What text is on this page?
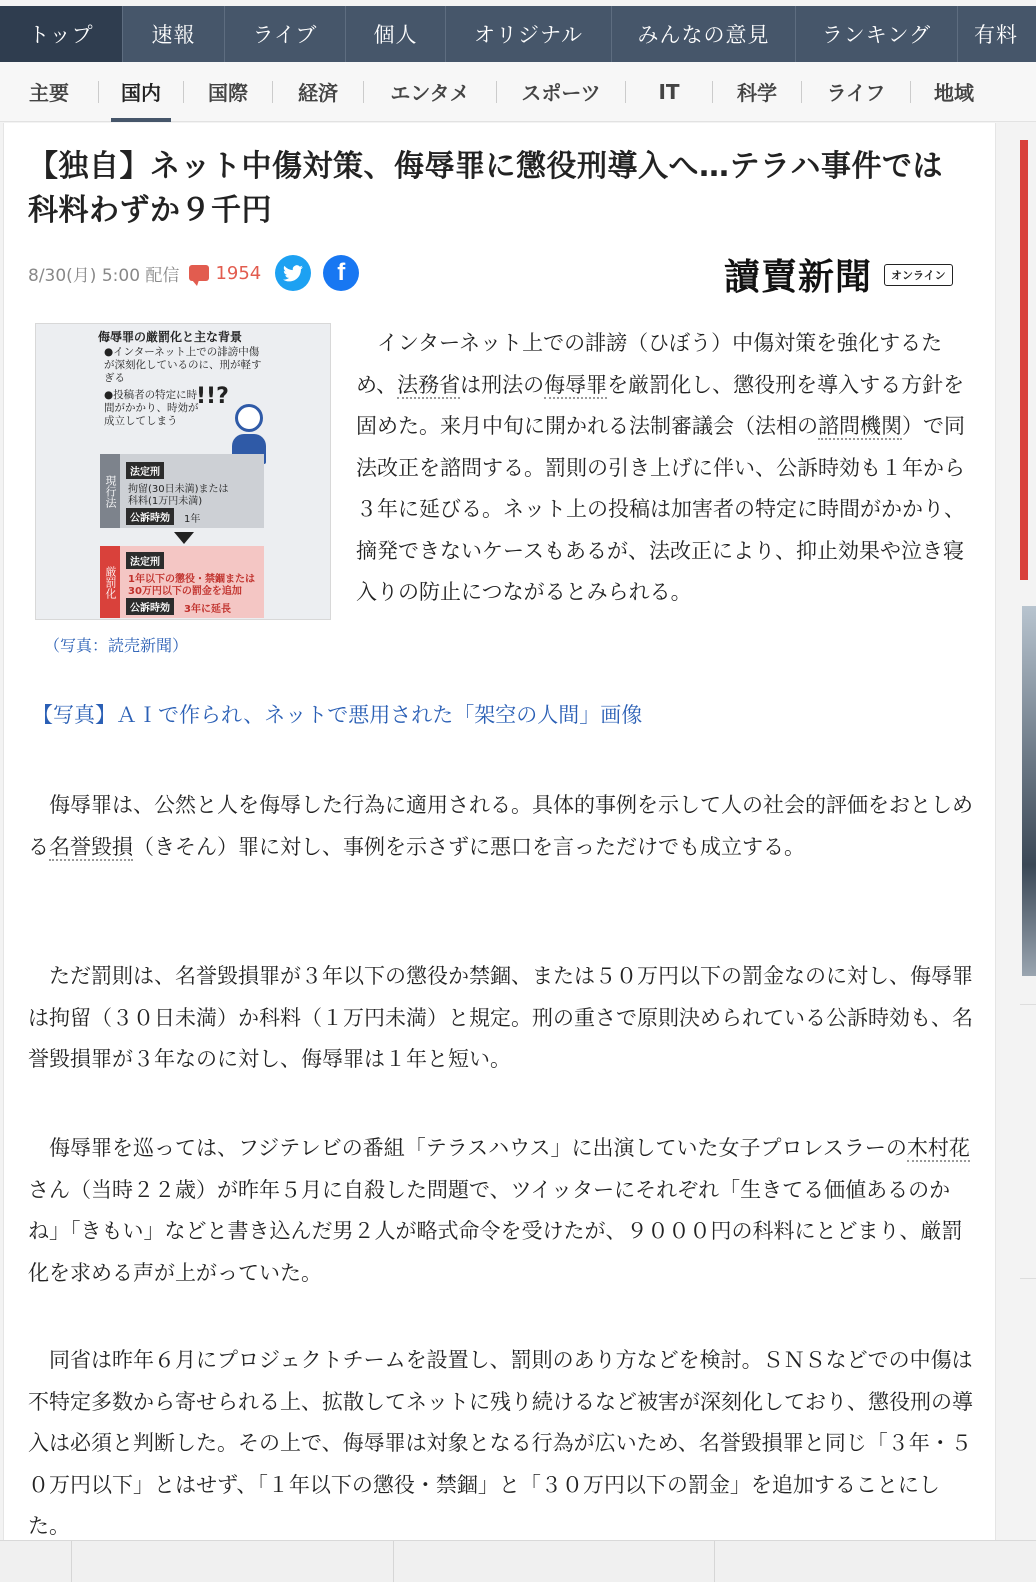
トップ	速報	ライブ	個人	オリジナル	みんなの意見	ランキング	有料
主要	国内	国際	経済	エンタメ	スポーツ	IT	科学	ライフ	地域
【独自】ネット中傷対策、侮辱罪に懲役刑導入へ…テラハ事件では科料わずか９千円
8/30(月) 5:00 配信 1954	f	讀賣新聞	オンライン
侮辱罪の厳罰化と主な背景

●インターネット上での誹謗中傷が深刻化しているのに、刑が軽すぎる

●投稿者の特定に時間がかかり、時効が成立してしまう

!!?
現行法
法定刑
拘留(30日未満)または
科料(1万円未満)
公訴時効	1年
厳罰化
法定刑
1年以下の懲役・禁錮または
30万円以下の罰金を追加
公訴時効	3年に延長
（写真：読売新聞）

インターネット上での誹謗（ひぼう）中傷対策を強化するため、法務省は刑法の侮辱罪を厳罰化し、懲役刑を導入する方針を固めた。来月中旬に開かれる法制審議会（法相の諮問機関）で同法改正を諮問する。罰則の引き上げに伴い、公訴時効も１年から３年に延びる。ネット上の投稿は加害者の特定に時間がかかり、摘発できないケースもあるが、法改正により、抑止効果や泣き寝入りの防止につながるとみられる。

【写真】ＡＩで作られ、ネットで悪用された「架空の人間」画像

侮辱罪は、公然と人を侮辱した行為に適用される。具体的事例を示して人の社会的評価をおとしめる名誉毀損（きそん）罪に対し、事例を示さずに悪口を言っただけでも成立する。

ただ罰則は、名誉毀損罪が３年以下の懲役か禁錮、または５０万円以下の罰金なのに対し、侮辱罪は拘留（３０日未満）か科料（１万円未満）と規定。刑の重さで原則決められている公訴時効も、名誉毀損罪が３年なのに対し、侮辱罪は１年と短い。

侮辱罪を巡っては、フジテレビの番組「テラスハウス」に出演していた女子プロレスラーの木村花さん（当時２２歳）が昨年５月に自殺した問題で、ツイッターにそれぞれ「生きてる価値あるのかね」「きもい」などと書き込んだ男２人が略式命令を受けたが、９０００円の科料にとどまり、厳罰化を求める声が上がっていた。

同省は昨年６月にプロジェクトチームを設置し、罰則のあり方などを検討。ＳＮＳなどでの中傷は不特定多数から寄せられる上、拡散してネットに残り続けるなど被害が深刻化しており、懲役刑の導入は必須と判断した。その上で、侮辱罪は対象となる行為が広いため、名誉毀損罪と同じ「３年・５０万円以下」とはせず、「１年以下の懲役・禁錮」と「３０万円以下の罰金」を追加することにした。
